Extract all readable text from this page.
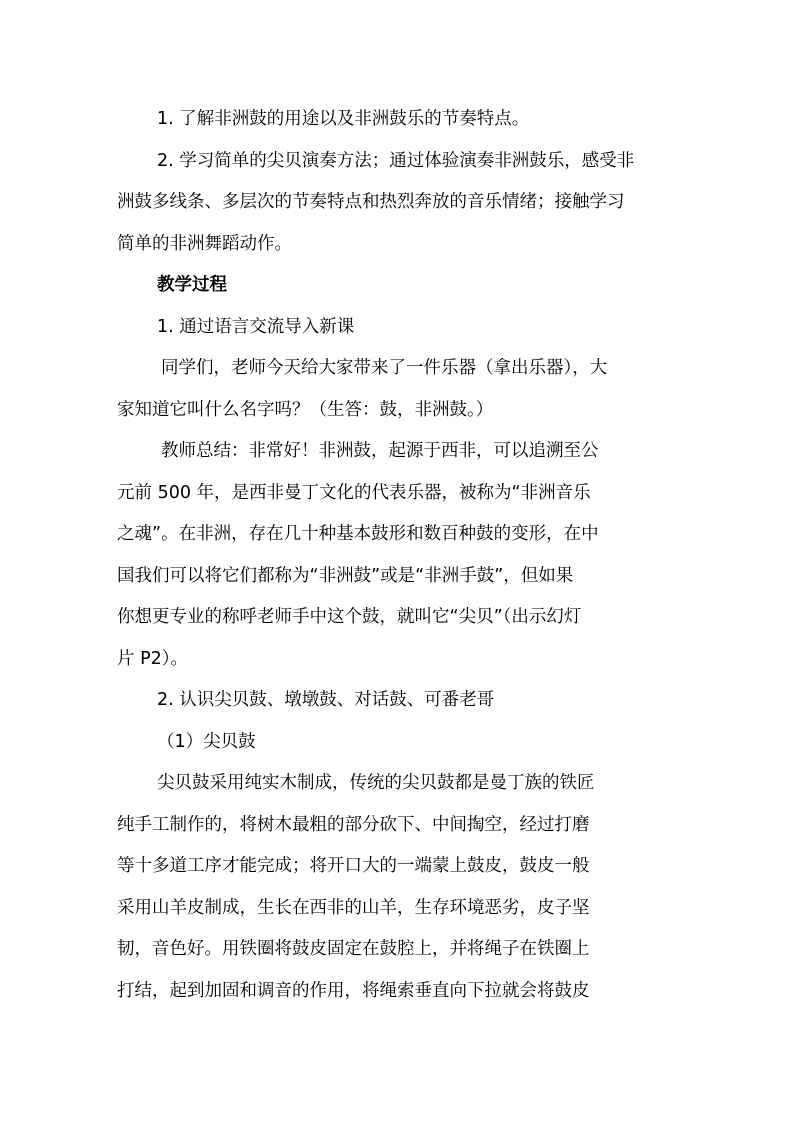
1. 了解非洲鼓的用途以及非洲鼓乐的节奏特点。
2. 学习简单的尖贝演奏方法；通过体验演奏非洲鼓乐，感受非
洲鼓多线条、多层次的节奏特点和热烈奔放的音乐情绪；接触学习
简单的非洲舞蹈动作。
教学过程
1. 通过语言交流导入新课
同学们，老师今天给大家带来了一件乐器（拿出乐器），大
家知道它叫什么名字吗？（生答：鼓，非洲鼓。）
教师总结：非常好！非洲鼓，起源于西非，可以追溯至公
元前 500 年，是西非曼丁文化的代表乐器，被称为“非洲音乐
之魂”。在非洲，存在几十种基本鼓形和数百种鼓的变形，在中
国我们可以将它们都称为“非洲鼓”或是“非洲手鼓”，但如果
你想更专业的称呼老师手中这个鼓，就叫它“尖贝”（出示幻灯
片 P2）。
2. 认识尖贝鼓、墩墩鼓、对话鼓、可番老哥
（1）尖贝鼓
尖贝鼓采用纯实木制成，传统的尖贝鼓都是曼丁族的铁匠
纯手工制作的，将树木最粗的部分砍下、中间掏空，经过打磨
等十多道工序才能完成；将开口大的一端蒙上鼓皮，鼓皮一般
采用山羊皮制成，生长在西非的山羊，生存环境恶劣，皮子坚
韧，音色好。用铁圈将鼓皮固定在鼓腔上，并将绳子在铁圈上
打结，起到加固和调音的作用，将绳索垂直向下拉就会将鼓皮
